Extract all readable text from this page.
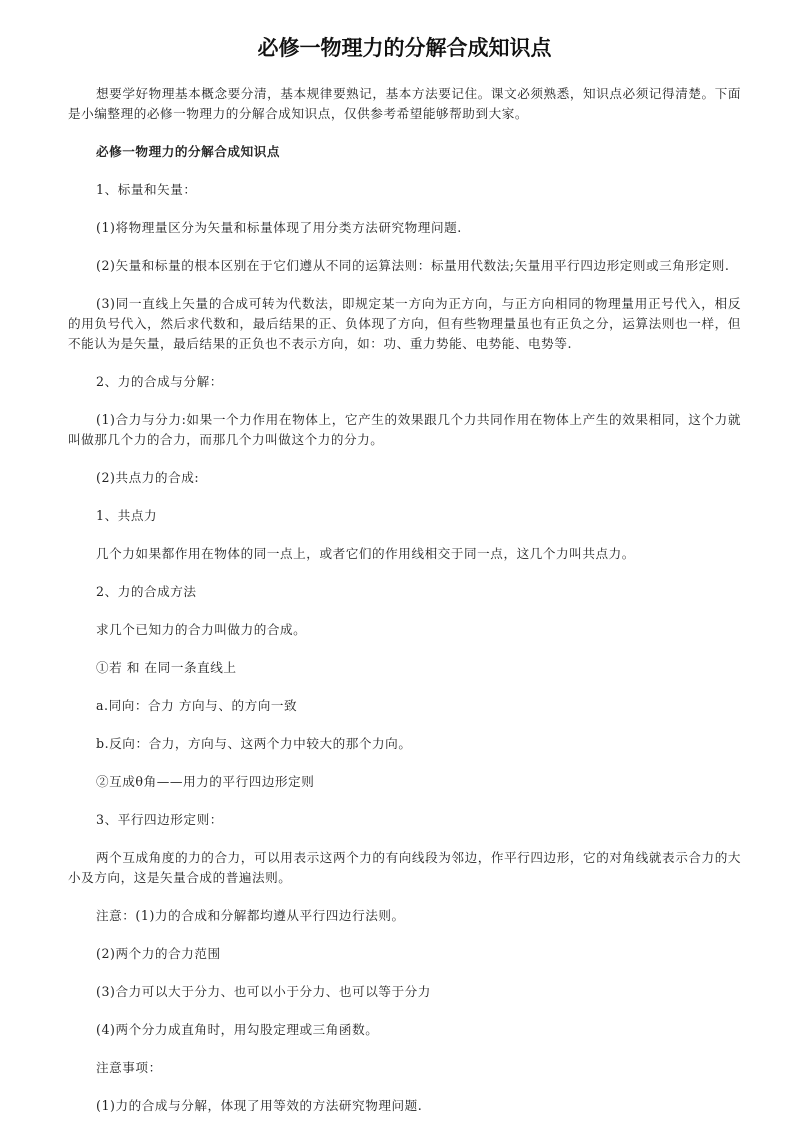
必修一物理力的分解合成知识点

想要学好物理基本概念要分清，基本规律要熟记，基本方法要记住。课文必须熟悉，知识点必须记得清楚。下面是小编整理的必修一物理力的分解合成知识点，仅供参考希望能够帮助到大家。

必修一物理力的分解合成知识点

1、标量和矢量：

(1)将物理量区分为矢量和标量体现了用分类方法研究物理问题.

(2)矢量和标量的根本区别在于它们遵从不同的运算法则：标量用代数法;矢量用平行四边形定则或三角形定则.

(3)同一直线上矢量的合成可转为代数法，即规定某一方向为正方向，与正方向相同的物理量用正号代入，相反的用负号代入，然后求代数和，最后结果的正、负体现了方向，但有些物理量虽也有正负之分，运算法则也一样，但不能认为是矢量，最后结果的正负也不表示方向，如：功、重力势能、电势能、电势等.

2、力的合成与分解：

(1)合力与分力:如果一个力作用在物体上，它产生的效果跟几个力共同作用在物体上产生的效果相同，这个力就叫做那几个力的合力，而那几个力叫做这个力的分力。

(2)共点力的合成:

1、共点力

几个力如果都作用在物体的同一点上，或者它们的作用线相交于同一点，这几个力叫共点力。

2、力的合成方法

求几个已知力的合力叫做力的合成。

①若 和 在同一条直线上

a.同向：合力 方向与、的方向一致

b.反向：合力，方向与、这两个力中较大的那个力向。

②互成θ角——用力的平行四边形定则

3、平行四边形定则：

两个互成角度的力的合力，可以用表示这两个力的有向线段为邻边，作平行四边形，它的对角线就表示合力的大小及方向，这是矢量合成的普遍法则。

注意：(1)力的合成和分解都均遵从平行四边行法则。

(2)两个力的合力范围

(3)合力可以大于分力、也可以小于分力、也可以等于分力

(4)两个分力成直角时，用勾股定理或三角函数。

注意事项：

(1)力的合成与分解，体现了用等效的方法研究物理问题.
